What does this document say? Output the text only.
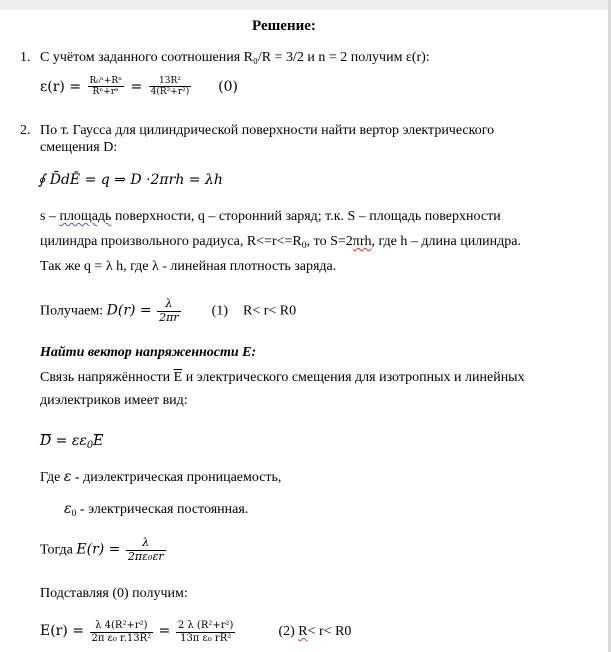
Решение:
1. С учётом заданного соотношения R₀/R = 3/2 и n = 2 получим ε(r):
$\varepsilon(r) = \frac{\text{R₀ⁿ+Rⁿ}}{\text{Rⁿ+rⁿ}} = \frac{\text{13R²}}{\text{4(R²+r²)}} (0)$
2. По т. Гаусса для цилиндрической поверхности найти вертор электрического
смещения D:
∮ D̄dĒ = q ⇒ D ·2πrh = λh
s – площадь поверхности, q – сторонний заряд; т.к. S – площадь поверхности
цилиндра произвольного радиуса, $R<=r<=R_0$, то S=2πrh, где h – длина цилиндра.
Так же q = λ h, где λ - линейная плотность заряда.
Получаем: $D(r) = \frac{\lambda}{2\pi r} (1)$ R< r< R0
Найти вектор напряженности E:
Связь напряжённости $\overline{E}$ и электрического смещения для изотропных и линейных
диэлектриков имеет вид:
$D = \varepsilon\varepsilon_0E$
Где ε - диэлектрическая проницаемость,
$\varepsilon_0$ - электрическая постоянная.
Тогда $E(r) = \frac{\lambda}{\text{2πε₀εr}}$
Подставляя (0) получим:
$E(r) = \frac{\text{λ 4(R²+r²)}}{\text{2π ε₀ r.13R²}} = \frac{\text{2 λ (R²+r²)}}{\text{13π ε₀ rR²}}$	(2) R< r< R0
